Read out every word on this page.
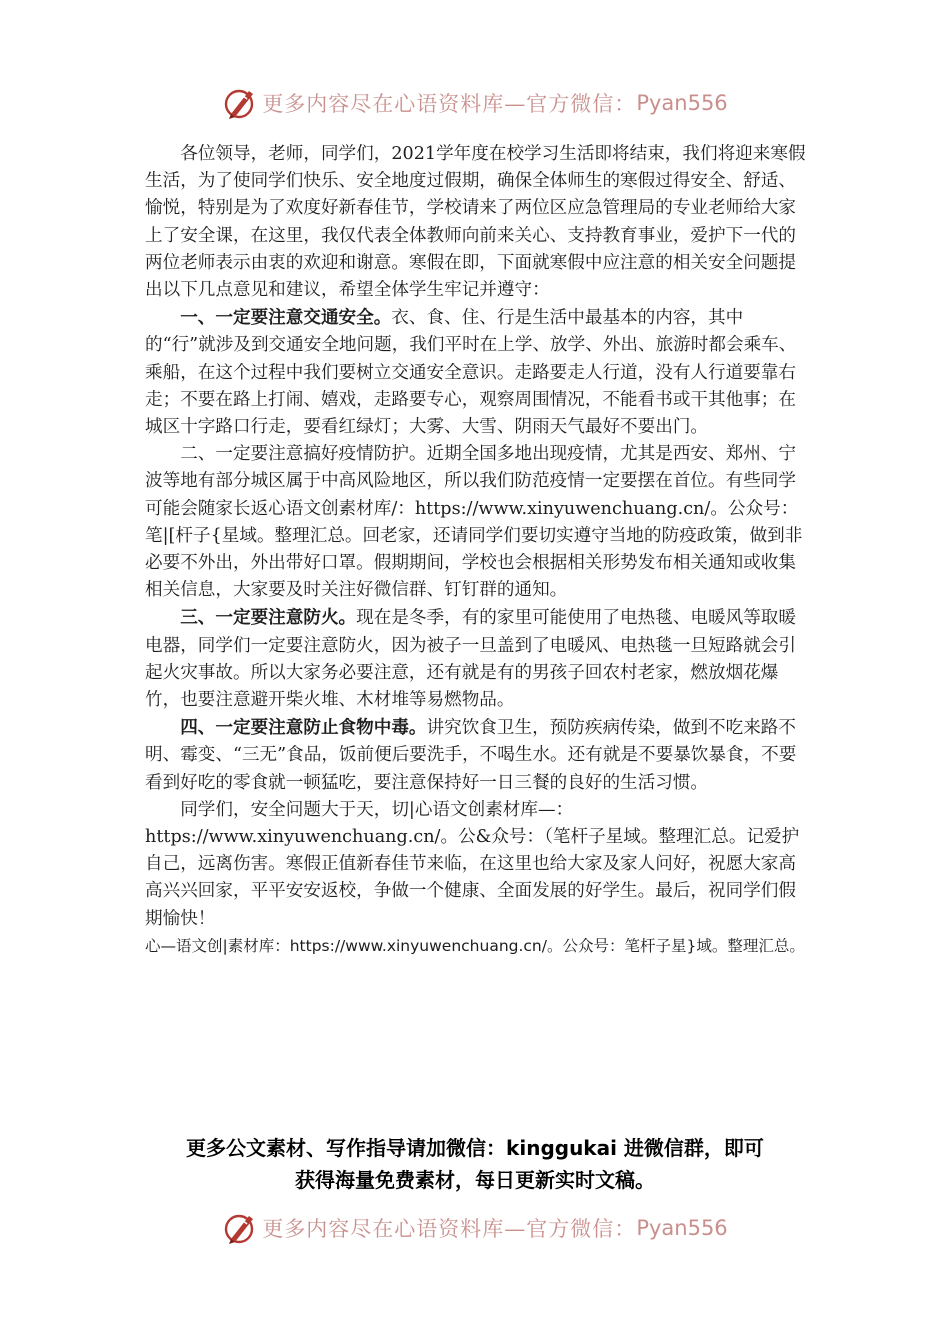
更多内容尽在心语资料库—官方微信： Pyan556

各位领导，老师，同学们，2021学年度在校学习生活即将结束，我们将迎来寒假生活，为了使同学们快乐、安全地度过假期，确保全体师生的寒假过得安全、舒适、愉悦，特别是为了欢度好新春佳节，学校请来了两位区应急管理局的专业老师给大家上了安全课，在这里，我仅代表全体教师向前来关心、支持教育事业，爱护下一代的两位老师表示由衷的欢迎和谢意。寒假在即，下面就寒假中应注意的相关安全问题提出以下几点意见和建议，希望全体学生牢记并遵守：

一、一定要注意交通安全。衣、食、住、行是生活中最基本的内容，其中的“行”就涉及到交通安全地问题，我们平时在上学、放学、外出、旅游时都会乘车、乘船，在这个过程中我们要树立交通安全意识。走路要走人行道，没有人行道要靠右走；不要在路上打闹、嬉戏，走路要专心，观察周围情况，不能看书或干其他事；在城区十字路口行走，要看红绿灯；大雾、大雪、阴雨天气最好不要出门。

二、一定要注意搞好疫情防护。近期全国多地出现疫情，尤其是西安、郑州、宁波等地有部分城区属于中高风险地区，所以我们防范疫情一定要摆在首位。有些同学可能会随家长返心语文创素材库/：https://www.xinyuwenchuang.cn/。公众号：笔|[杆子{星域。整理汇总。回老家，还请同学们要切实遵守当地的防疫政策，做到非必要不外出，外出带好口罩。假期期间，学校也会根据相关形势发布相关通知或收集相关信息，大家要及时关注好微信群、钉钉群的通知。

三、一定要注意防火。现在是冬季，有的家里可能使用了电热毯、电暖风等取暖电器，同学们一定要注意防火，因为被子一旦盖到了电暖风、电热毯一旦短路就会引起火灾事故。所以大家务必要注意，还有就是有的男孩子回农村老家，燃放烟花爆竹，也要注意避开柴火堆、木材堆等易燃物品。

四、一定要注意防止食物中毒。讲究饮食卫生，预防疾病传染，做到不吃来路不明、霉变、“三无”食品，饭前便后要洗手，不喝生水。还有就是不要暴饮暴食，不要看到好吃的零食就一顿猛吃，要注意保持好一日三餐的良好的生活习惯。

同学们，安全问题大于天，切|心语文创素材库—：https://www.xinyuwenchuang.cn/。公&众号：（笔杆子星域。整理汇总。记爱护自己，远离伤害。寒假正值新春佳节来临，在这里也给大家及家人问好，祝愿大家高高兴兴回家，平平安安返校，争做一个健康、全面发展的好学生。最后，祝同学们假期愉快！

心—语文创|素材库：https://www.xinyuwenchuang.cn/。公众号：笔杆子星}域。整理汇总。

更多公文素材、写作指导请加微信：kinggukai 进微信群，即可
获得海量免费素材，每日更新实时文稿。
更多内容尽在心语资料库—官方微信： Pyan556
